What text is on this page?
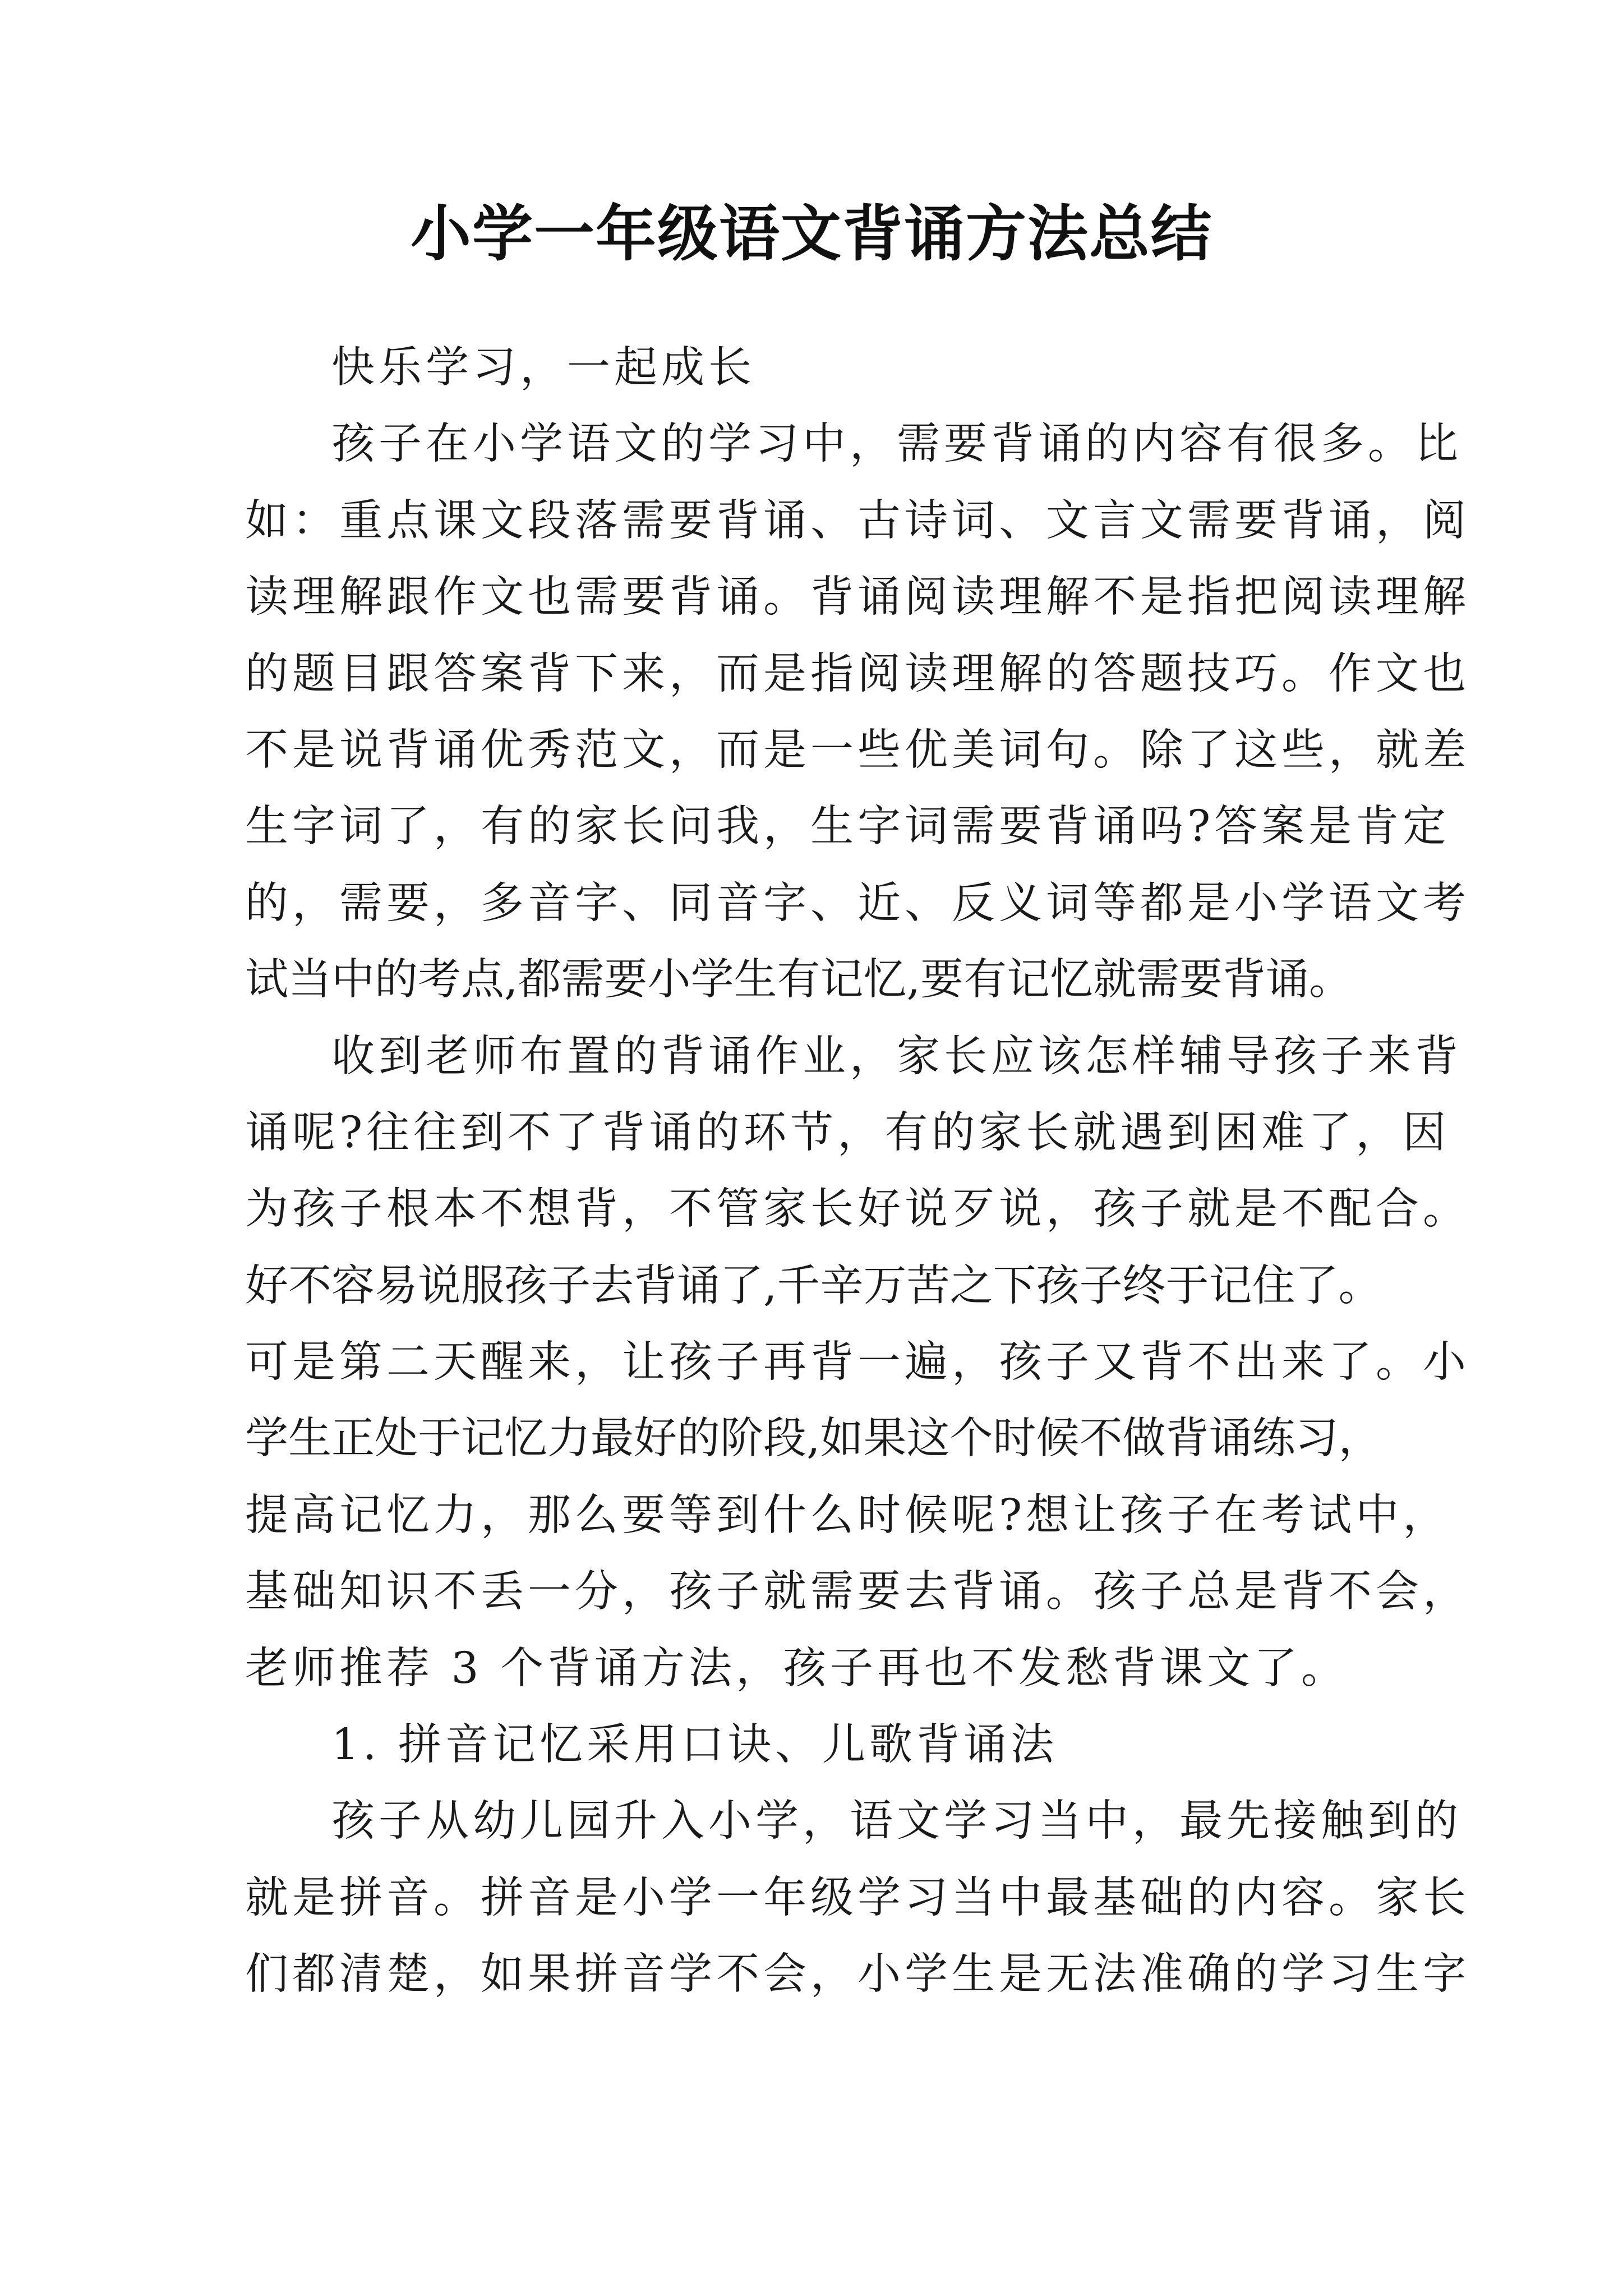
小学一年级语文背诵方法总结
快乐学习，一起成长
孩子在小学语文的学习中，需要背诵的内容有很多。比
如：重点课文段落需要背诵、古诗词、文言文需要背诵，阅
读理解跟作文也需要背诵。背诵阅读理解不是指把阅读理解
的题目跟答案背下来，而是指阅读理解的答题技巧。作文也
不是说背诵优秀范文，而是一些优美词句。除了这些，就差
生字词了，有的家长问我，生字词需要背诵吗?答案是肯定
的，需要，多音字、同音字、近、反义词等都是小学语文考
试当中的考点,都需要小学生有记忆,要有记忆就需要背诵。
收到老师布置的背诵作业，家长应该怎样辅导孩子来背
诵呢?往往到不了背诵的环节，有的家长就遇到困难了，因
为孩子根本不想背，不管家长好说歹说，孩子就是不配合。
好不容易说服孩子去背诵了,千辛万苦之下孩子终于记住了。
可是第二天醒来，让孩子再背一遍，孩子又背不出来了。小
学生正处于记忆力最好的阶段,如果这个时候不做背诵练习，
提高记忆力，那么要等到什么时候呢?想让孩子在考试中，
基础知识不丢一分，孩子就需要去背诵。孩子总是背不会，
老师推荐 3 个背诵方法，孩子再也不发愁背课文了。
1. 拼音记忆采用口诀、儿歌背诵法
孩子从幼儿园升入小学，语文学习当中，最先接触到的
就是拼音。拼音是小学一年级学习当中最基础的内容。家长
们都清楚，如果拼音学不会，小学生是无法准确的学习生字
